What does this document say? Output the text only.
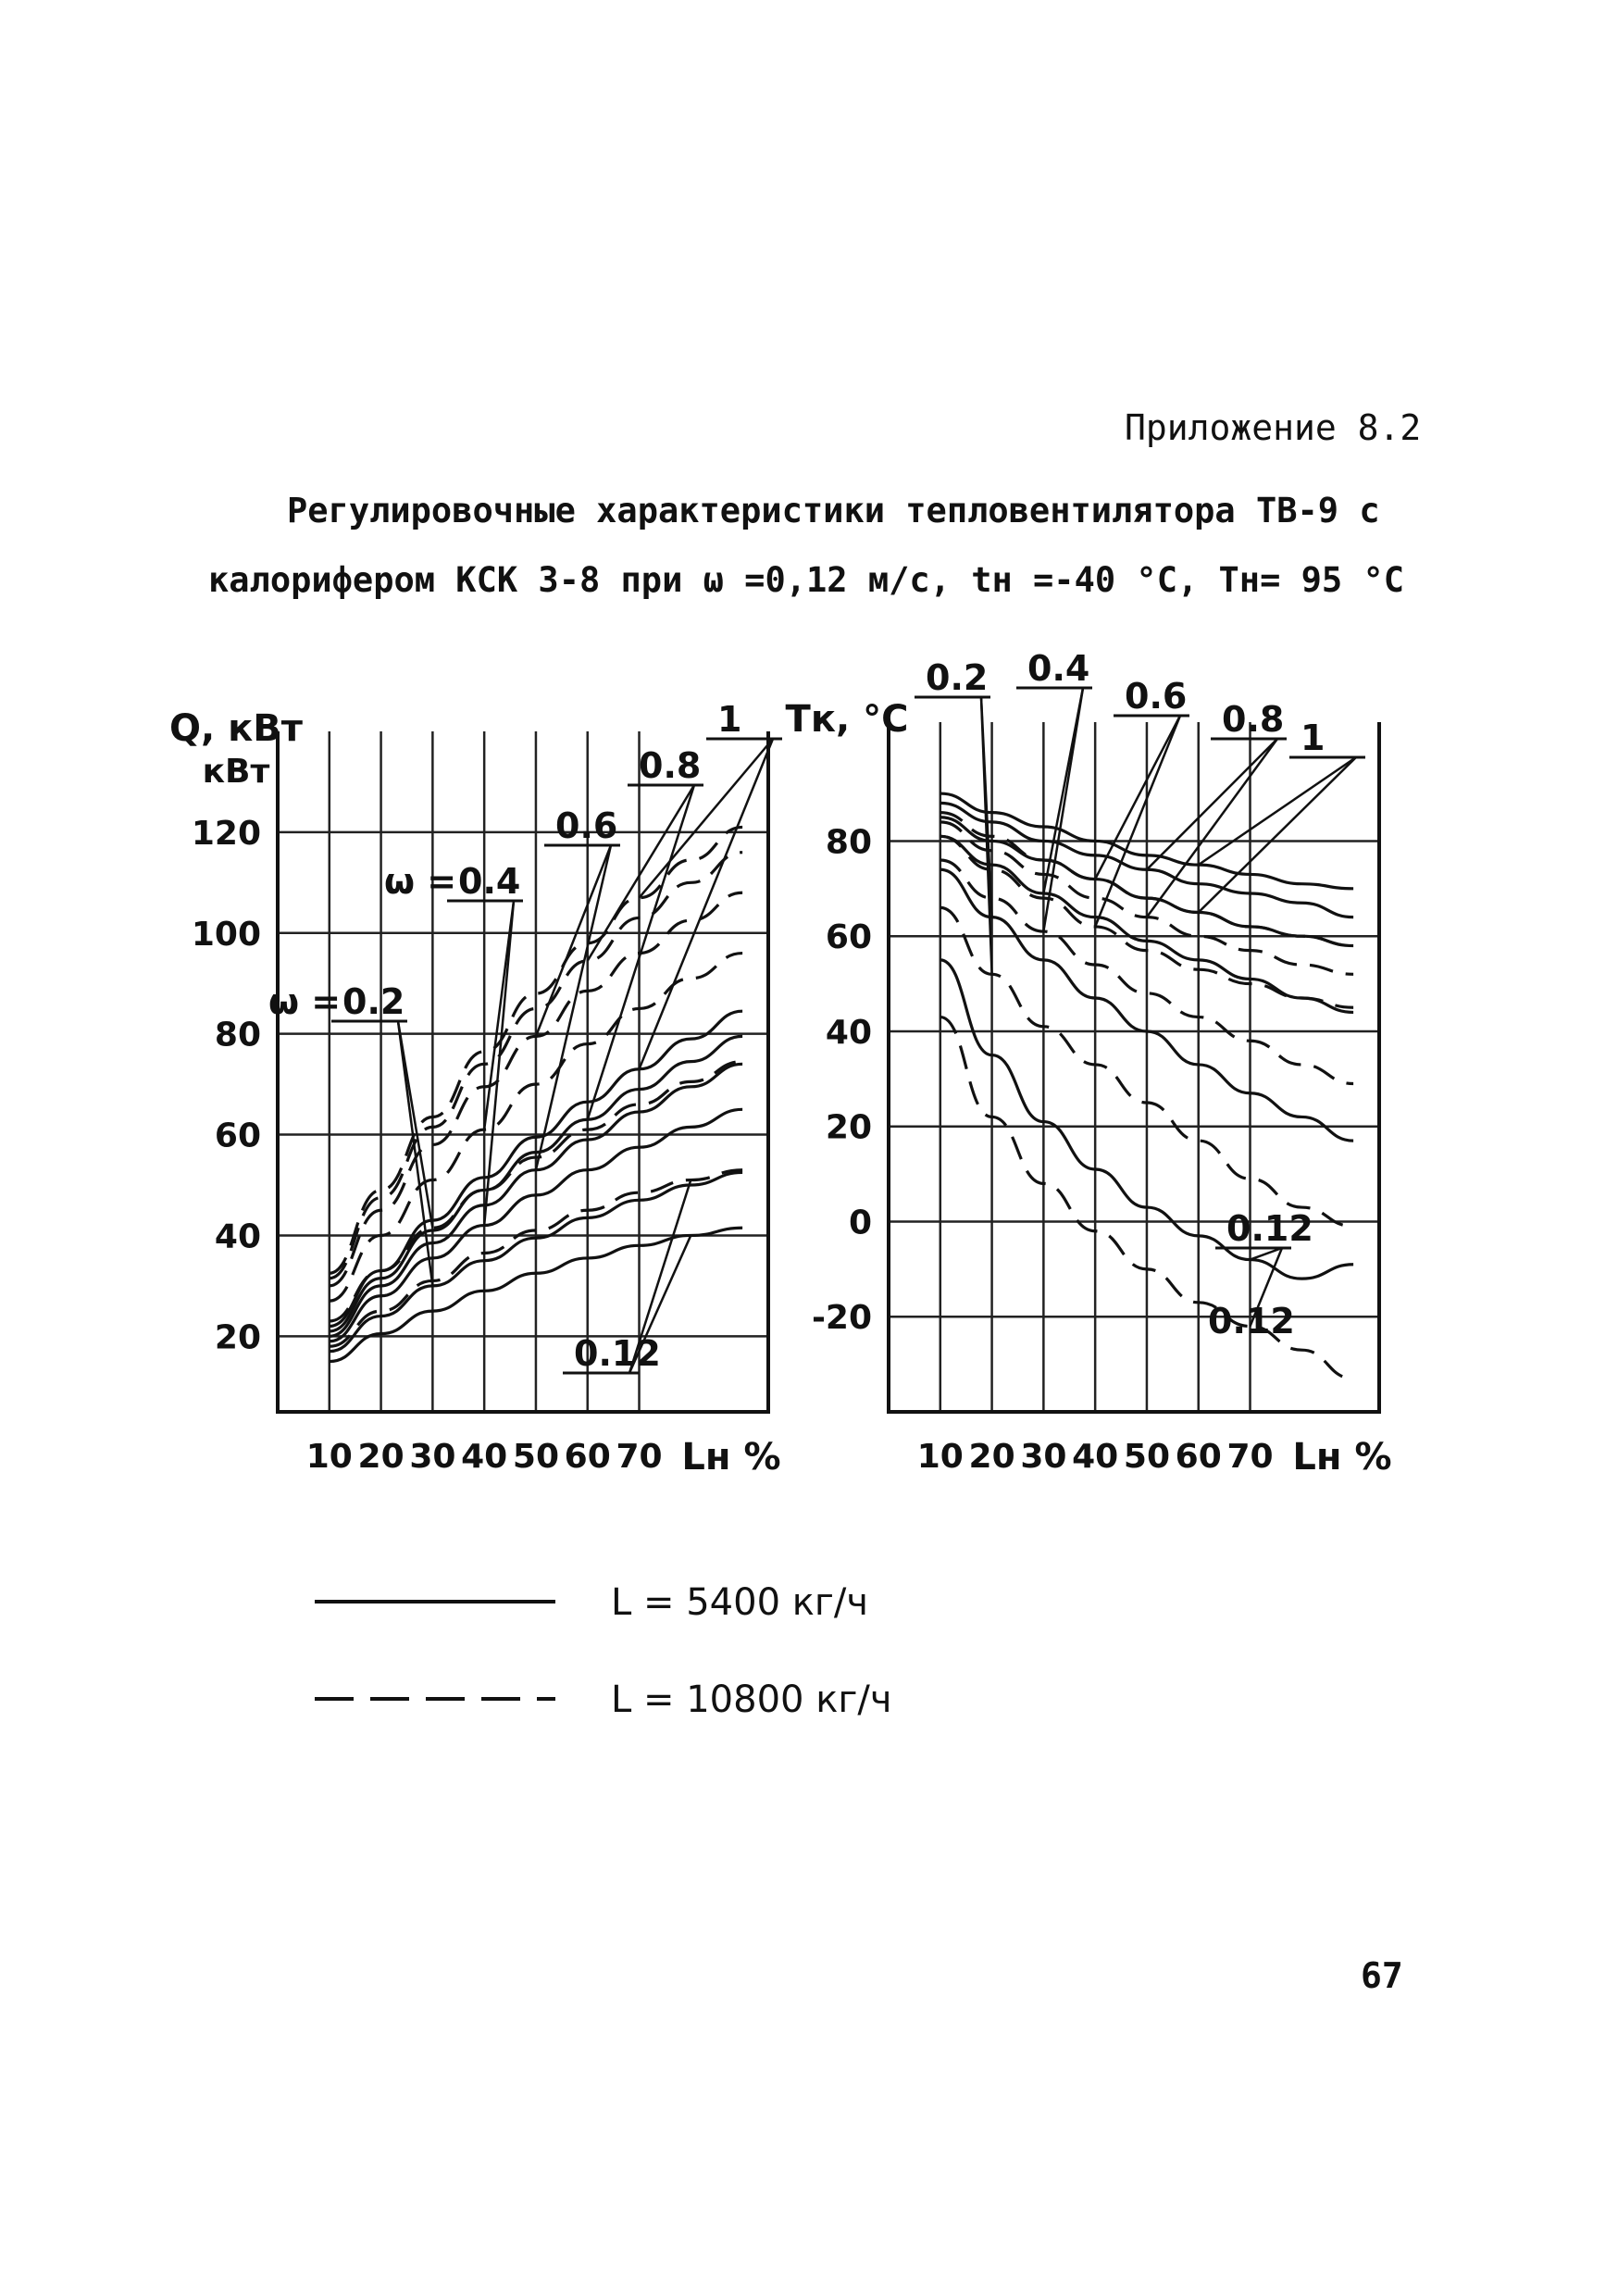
Приложение 8.2
Регулировочные характеристики тепловентилятора ТВ-9 с
калорифером КСК 3-8 при ω =0,12 м/с, tн =-40 °С, Тн= 95 °С
10 20 30 40 50 60 70
20
40
60
80
100
120
Q, кВт
кВт
Lн %
ω = 0.2
ω = 0.4
0.6
0.8
1
0.12
10 20 30 40 50 60 70
-20
0
20
40
60
80
Тк, °С
Lн %
0.2 0.4
0.6
0.8 1
0.12
0.12
L = 5400 кг/ч
L = 10800 кг/ч
67
